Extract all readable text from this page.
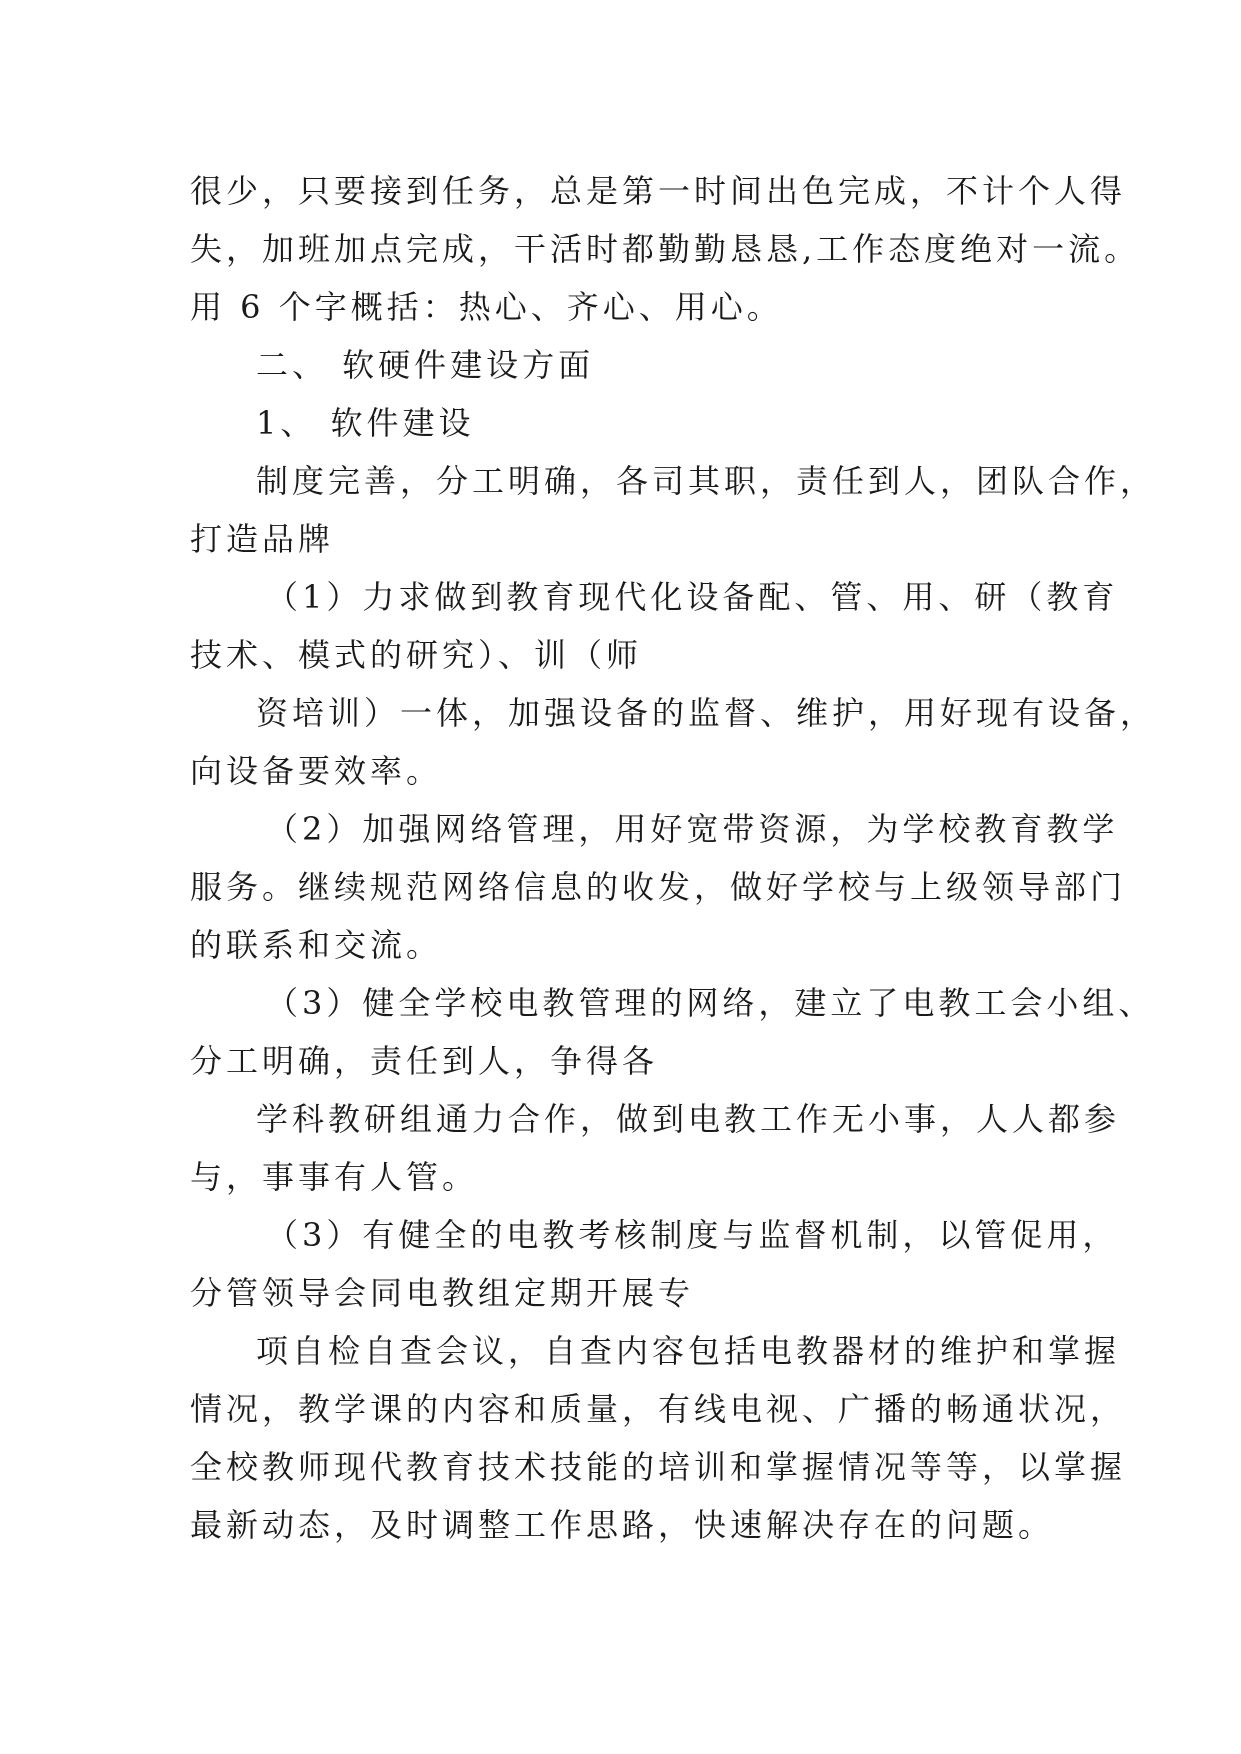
很少，只要接到任务，总是第一时间出色完成，不计个人得
失，加班加点完成，干活时都勤勤恳恳,工作态度绝对一流。
用 6 个字概括：热心、齐心、用心。
二、 软硬件建设方面
1、 软件建设
制度完善，分工明确，各司其职，责任到人，团队合作，
打造品牌
（1）力求做到教育现代化设备配、管、用、研（教育
技术、模式的研究）、训（师
资培训）一体，加强设备的监督、维护，用好现有设备，
向设备要效率。
（2）加强网络管理，用好宽带资源，为学校教育教学
服务。继续规范网络信息的收发，做好学校与上级领导部门
的联系和交流。
（3）健全学校电教管理的网络，建立了电教工会小组、
分工明确，责任到人，争得各
学科教研组通力合作，做到电教工作无小事，人人都参
与，事事有人管。
（3）有健全的电教考核制度与监督机制，以管促用，
分管领导会同电教组定期开展专
项自检自查会议，自查内容包括电教器材的维护和掌握
情况，教学课的内容和质量，有线电视、广播的畅通状况，
全校教师现代教育技术技能的培训和掌握情况等等，以掌握
最新动态，及时调整工作思路，快速解决存在的问题。
